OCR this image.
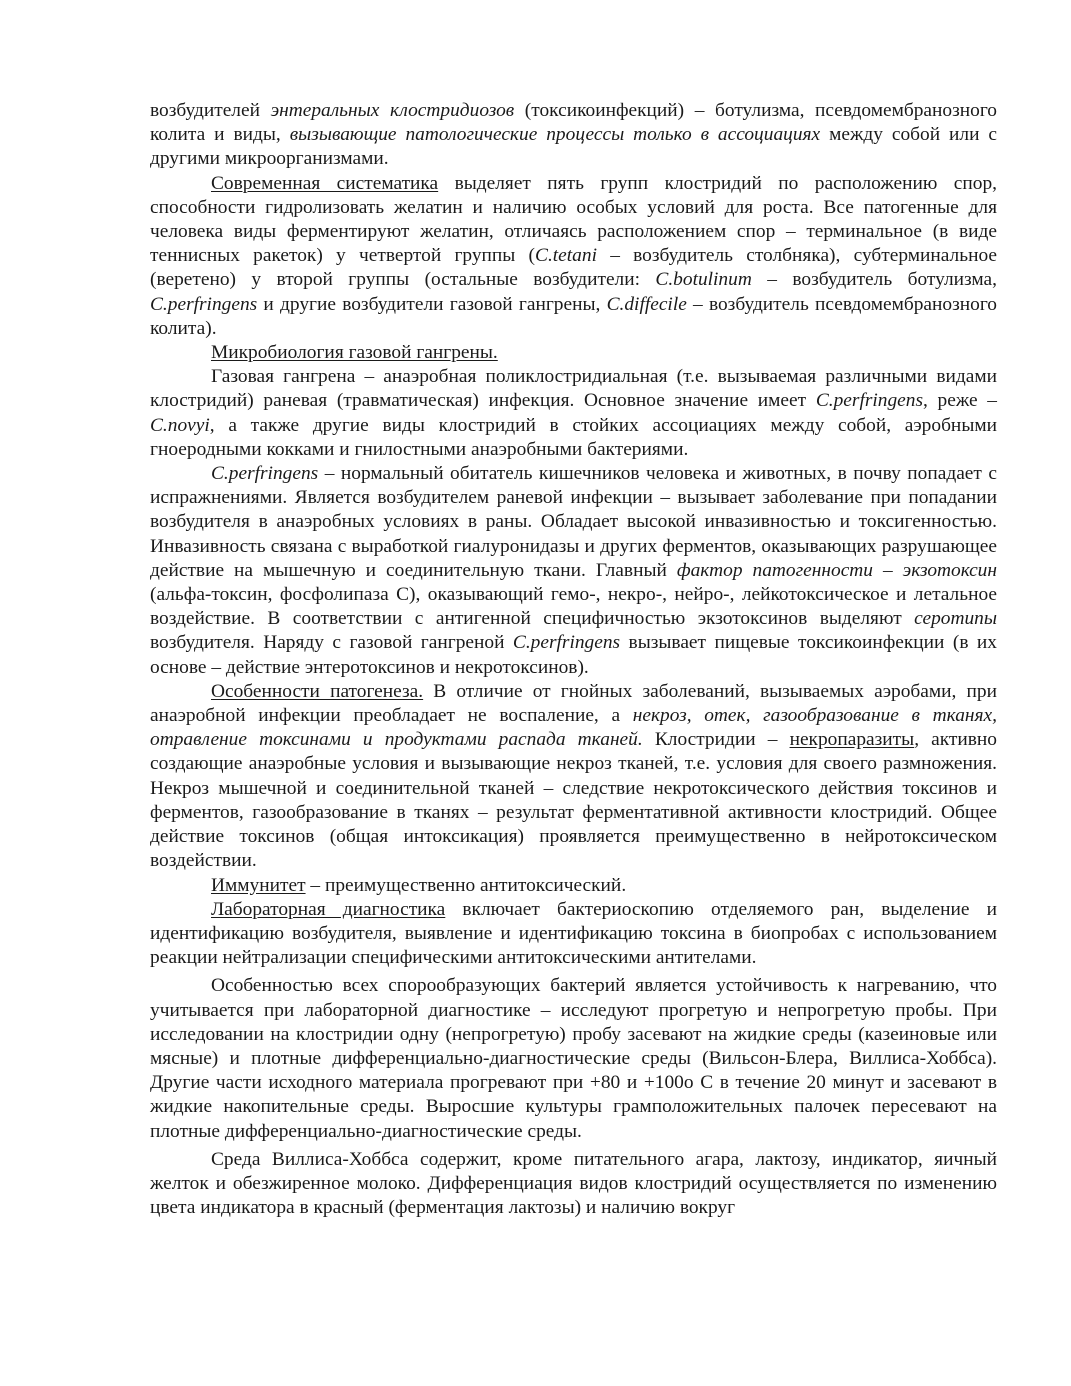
возбудителей энтеральных клостридиозов (токсикоинфекций) – ботулизма, псевдомембранозного колита и виды, вызывающие патологические процессы только в ассоциациях между собой или с другими микроорганизмами.

Современная систематика выделяет пять групп клостридий по расположению спор, способности гидролизовать желатин и наличию особых условий для роста. Все патогенные для человека виды ферментируют желатин, отличаясь расположением спор – терминальное (в виде теннисных ракеток) у четвертой группы (C.tetani – возбудитель столбняка), субтерминальное (веретено) у второй группы (остальные возбудители: C.botulinum – возбудитель ботулизма, C.perfringens и другие возбудители газовой гангрены, C.diffecile – возбудитель псевдомембранозного колита).

Микробиология газовой гангрены.

Газовая гангрена – анаэробная поликлостридиальная (т.е. вызываемая различными видами клостридий) раневая (травматическая) инфекция. Основное значение имеет C.perfringens, реже – C.novyi, а также другие виды клостридий в стойких ассоциациях между собой, аэробными гноеродными кокками и гнилостными анаэробными бактериями.

C.perfringens – нормальный обитатель кишечников человека и животных, в почву попадает с испражнениями. Является возбудителем раневой инфекции – вызывает заболевание при попадании возбудителя в анаэробных условиях в раны. Обладает высокой инвазивностью и токсигенностью. Инвазивность связана с выработкой гиалуронидазы и других ферментов, оказывающих разрушающее действие на мышечную и соединительную ткани. Главный фактор патогенности – экзотоксин (альфа-токсин, фосфолипаза С), оказывающий гемо-, некро-, нейро-, лейкотоксическое и летальное воздействие. В соответствии с антигенной специфичностью экзотоксинов выделяют серотипы возбудителя. Наряду с газовой гангреной C.perfringens вызывает пищевые токсикоинфекции (в их основе – действие энтеротоксинов и некротоксинов).

Особенности патогенеза. В отличие от гнойных заболеваний, вызываемых аэробами, при анаэробной инфекции преобладает не воспаление, а некроз, отек, газообразование в тканях, отравление токсинами и продуктами распада тканей. Клостридии – некропаразиты, активно создающие анаэробные условия и вызывающие некроз тканей, т.е. условия для своего размножения. Некроз мышечной и соединительной тканей – следствие некротоксического действия токсинов и ферментов, газообразование в тканях – результат ферментативной активности клостридий. Общее действие токсинов (общая интоксикация) проявляется преимущественно в нейротоксическом воздействии.

Иммунитет – преимущественно антитоксический.

Лабораторная диагностика включает бактериоскопию отделяемого ран, выделение и идентификацию возбудителя, выявление и идентификацию токсина в биопробах с использованием реакции нейтрализации специфическими антитоксическими антителами.

Особенностью всех спорообразующих бактерий является устойчивость к нагреванию, что учитывается при лабораторной диагностике – исследуют прогретую и непрогретую пробы. При исследовании на клостридии одну (непрогретую) пробу засевают на жидкие среды (казеиновые или мясные) и плотные дифференциально-диагностические среды (Вильсон-Блера, Виллиса-Хоббса). Другие части исходного материала прогревают при +80 и +100о С в течение 20 минут и засевают в жидкие накопительные среды. Выросшие культуры грамположительных палочек пересевают на плотные дифференциально-диагностические среды.

Среда Виллиса-Хоббса содержит, кроме питательного агара, лактозу, индикатор, яичный желток и обезжиренное молоко. Дифференциация видов клостридий осуществляется по изменению цвета индикатора в красный (ферментация лактозы) и наличию вокруг
